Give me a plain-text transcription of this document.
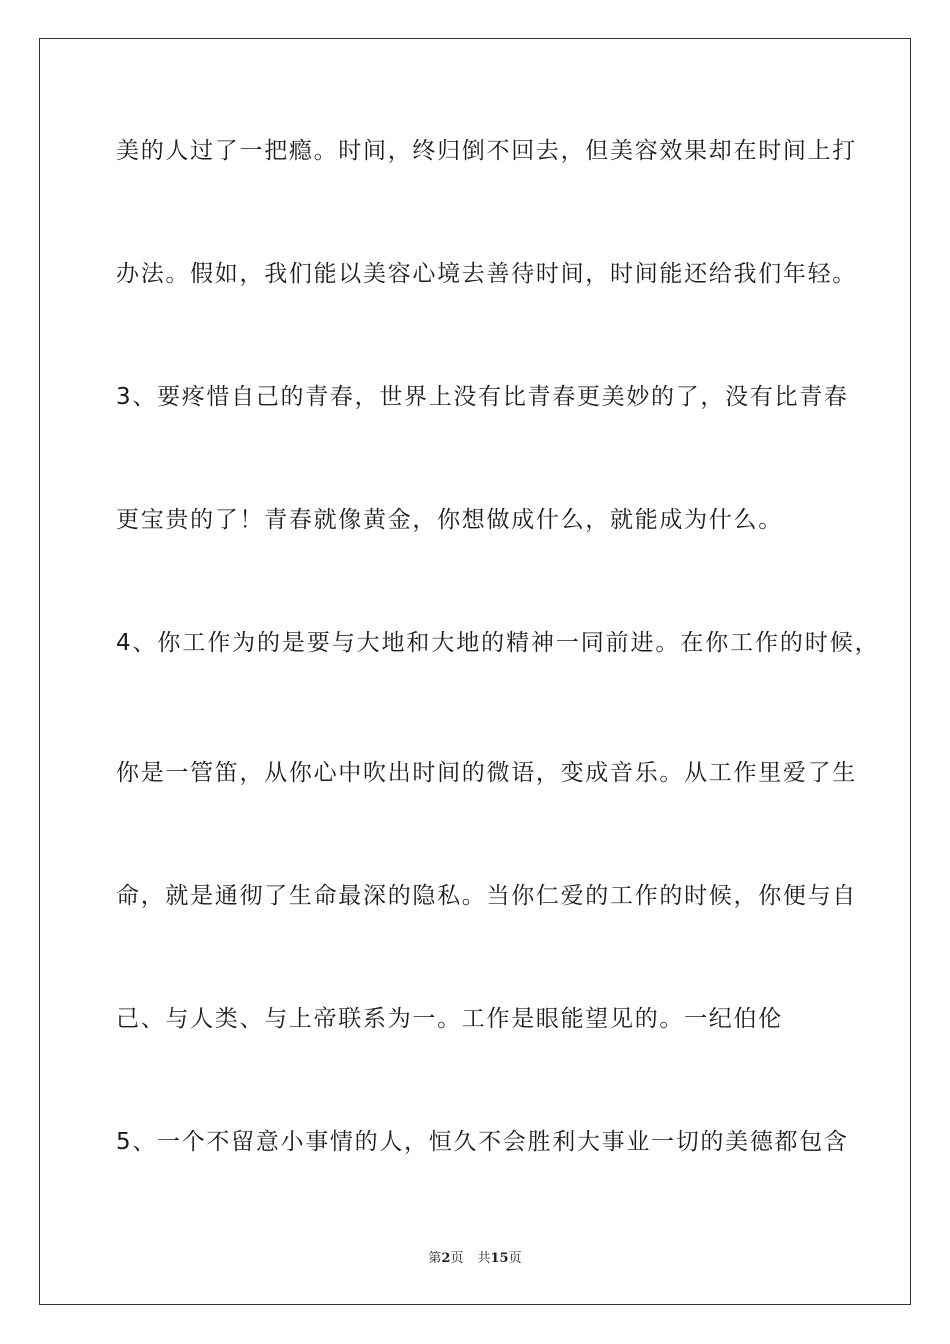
美的人过了一把瘾。时间，终归倒不回去，但美容效果却在时间上打
办法。假如，我们能以美容心境去善待时间，时间能还给我们年轻。
3、要疼惜自己的青春，世界上没有比青春更美妙的了，没有比青春
更宝贵的了！青春就像黄金，你想做成什么，就能成为什么。
4、你工作为的是要与大地和大地的精神一同前进。在你工作的时候，
你是一管笛，从你心中吹出时间的微语，变成音乐。从工作里爱了生
命，就是通彻了生命最深的隐私。当你仁爱的工作的时候，你便与自
己、与人类、与上帝联系为一。工作是眼能望见的。一纪伯伦
5、一个不留意小事情的人，恒久不会胜利大事业一切的美德都包含
第2页 共15页
